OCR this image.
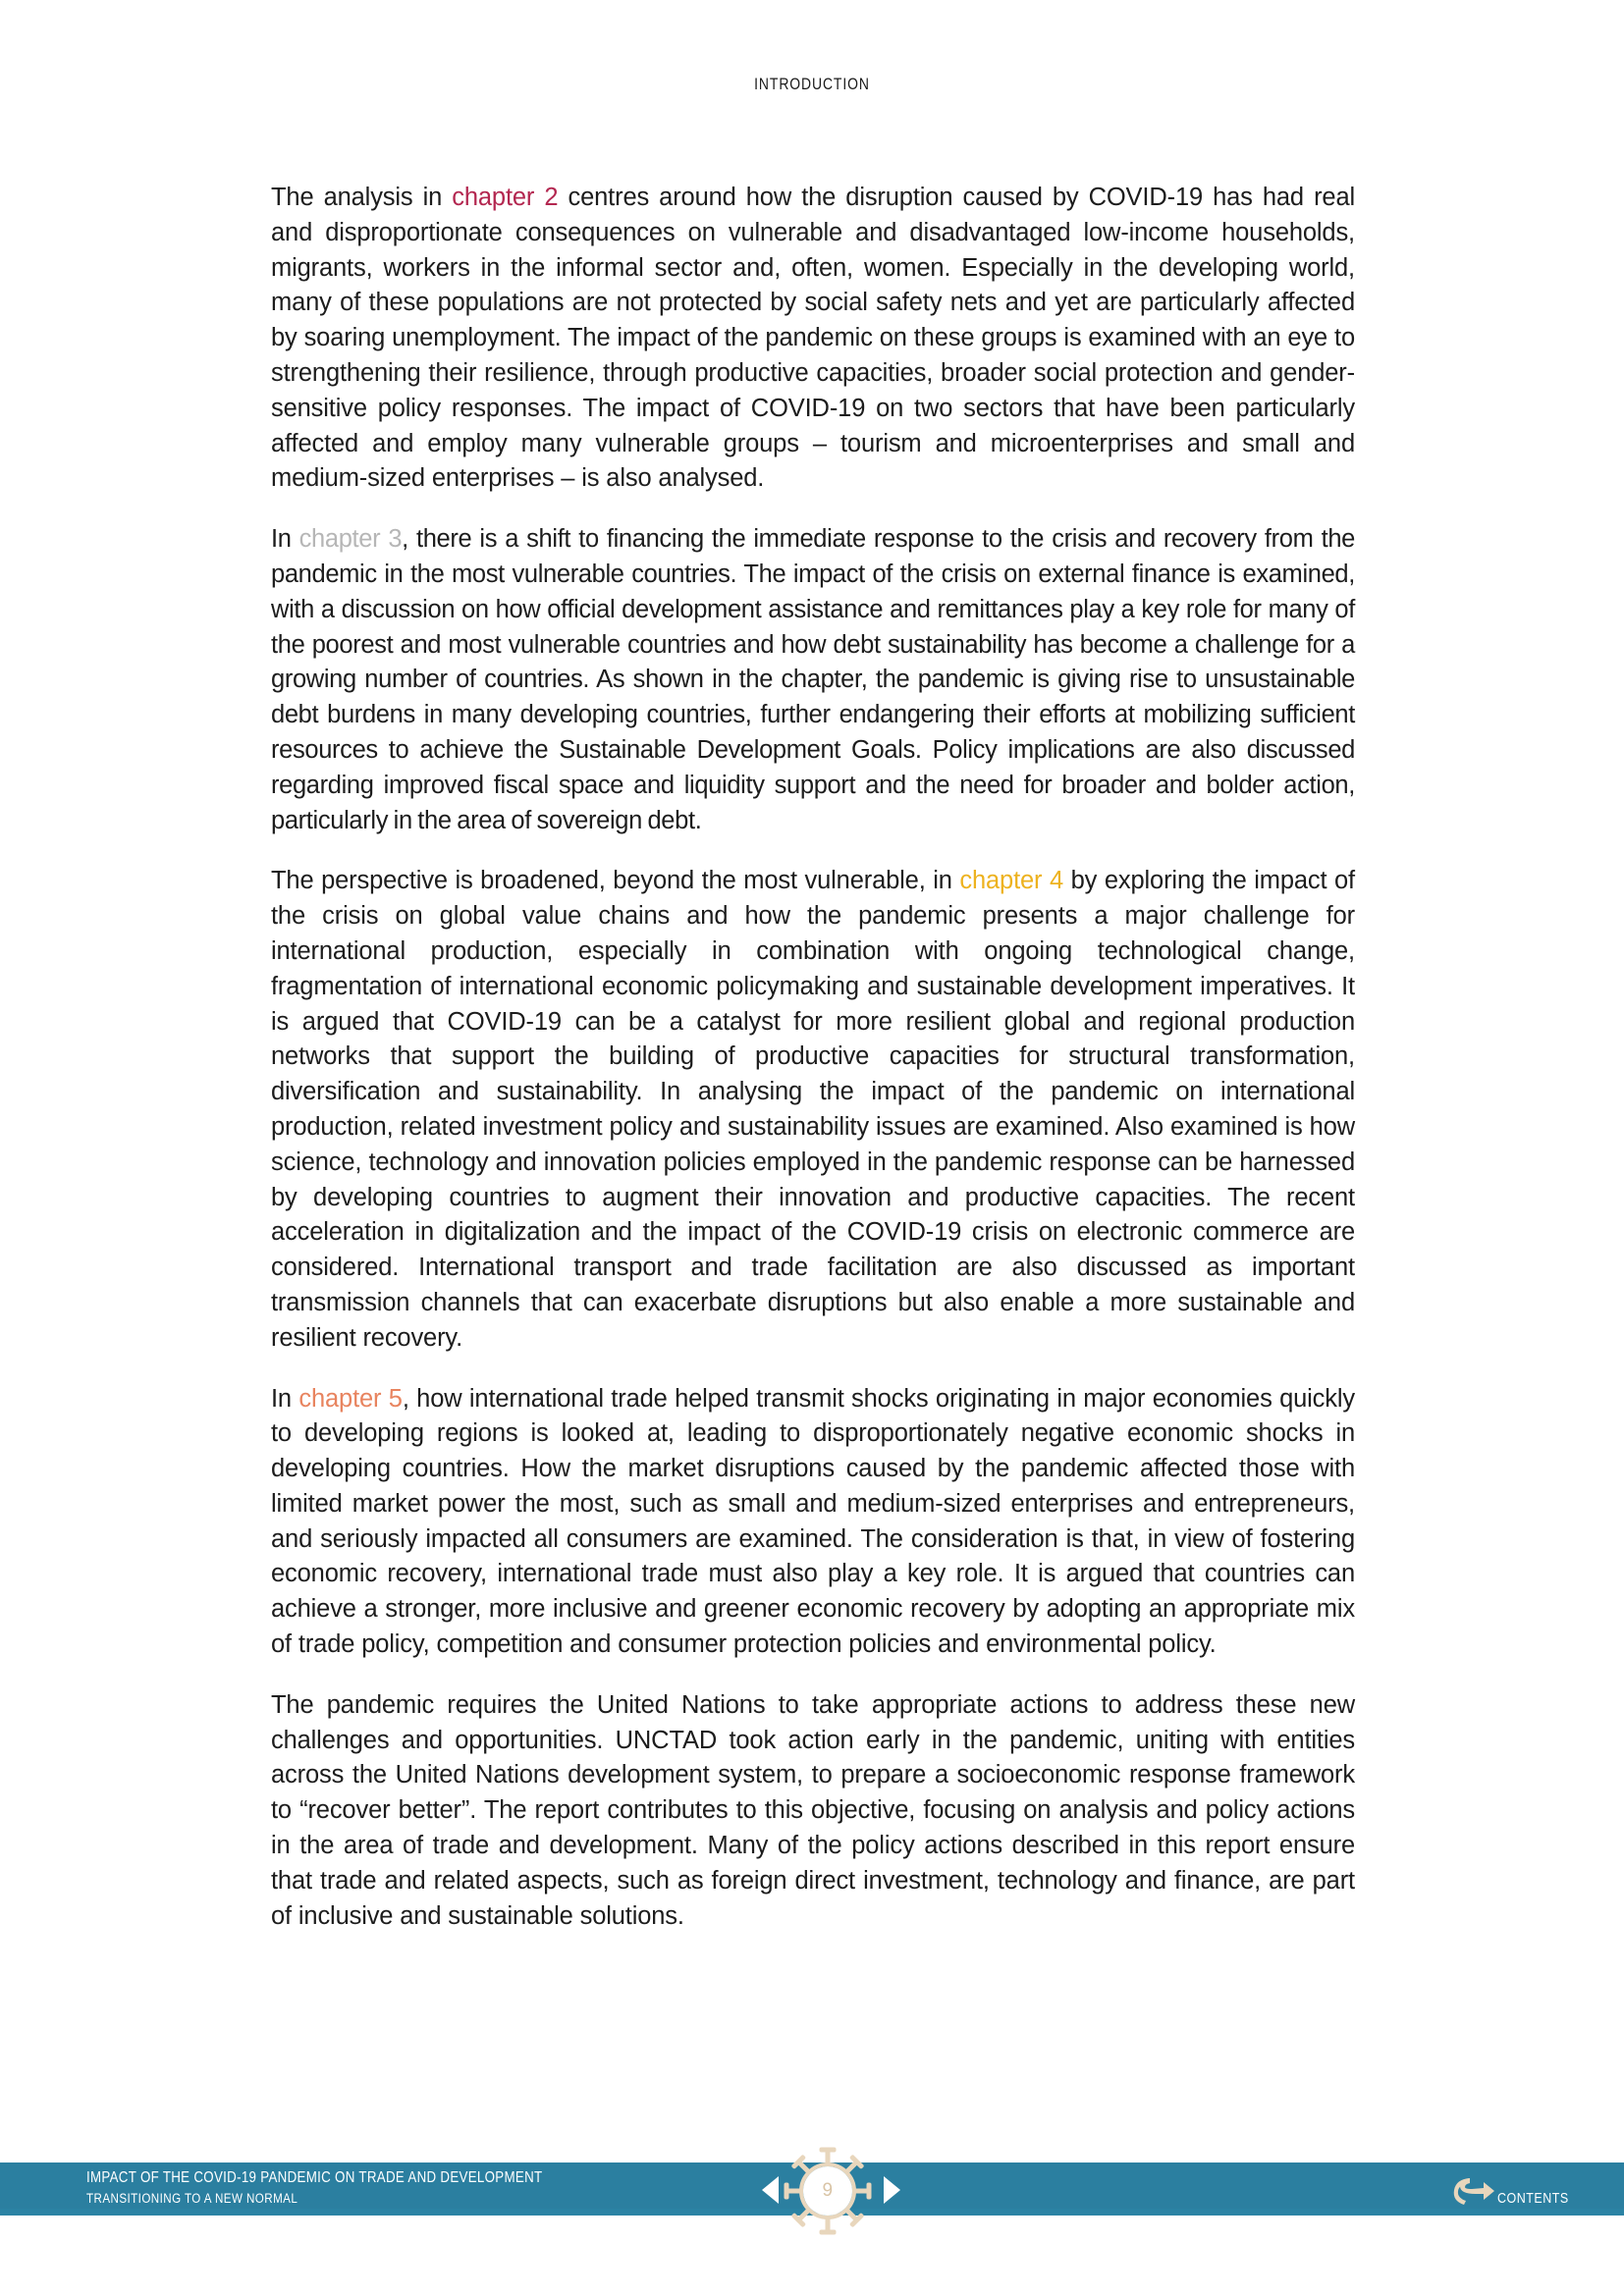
INTRODUCTION

The analysis in chapter 2 centres around how the disruption caused by COVID-19 has had real and disproportionate consequences on vulnerable and disadvantaged low-income households, migrants, workers in the informal sector and, often, women. Especially in the developing world, many of these populations are not protected by social safety nets and yet are particularly affected by soaring unemployment. The impact of the pandemic on these groups is examined with an eye to strengthening their resilience, through productive capacities, broader social protection and gender-sensitive policy responses. The impact of COVID-19 on two sectors that have been particularly affected and employ many vulnerable groups – tourism and microenterprises and small and medium-sized enterprises – is also analysed.

In chapter 3, there is a shift to financing the immediate response to the crisis and recovery from the pandemic in the most vulnerable countries. The impact of the crisis on external finance is examined, with a discussion on how official development assistance and remittances play a key role for many of the poorest and most vulnerable countries and how debt sustainability has become a challenge for a growing number of countries. As shown in the chapter, the pandemic is giving rise to unsustainable debt burdens in many developing countries, further endangering their efforts at mobilizing sufficient resources to achieve the Sustainable Development Goals. Policy implications are also discussed regarding improved fiscal space and liquidity support and the need for broader and bolder action, particularly in the area of sovereign debt.

The perspective is broadened, beyond the most vulnerable, in chapter 4 by exploring the impact of the crisis on global value chains and how the pandemic presents a major challenge for international production, especially in combination with ongoing technological change, fragmentation of international economic policymaking and sustainable development imperatives. It is argued that COVID-19 can be a catalyst for more resilient global and regional production networks that support the building of productive capacities for structural transformation, diversification and sustainability. In analysing the impact of the pandemic on international production, related investment policy and sustainability issues are examined. Also examined is how science, technology and innovation policies employed in the pandemic response can be harnessed by developing countries to augment their innovation and productive capacities. The recent acceleration in digitalization and the impact of the COVID-19 crisis on electronic commerce are considered. International transport and trade facilitation are also discussed as important transmission channels that can exacerbate disruptions but also enable a more sustainable and resilient recovery.

In chapter 5, how international trade helped transmit shocks originating in major economies quickly to developing regions is looked at, leading to disproportionately negative economic shocks in developing countries. How the market disruptions caused by the pandemic affected those with limited market power the most, such as small and medium-sized enterprises and entrepreneurs, and seriously impacted all consumers are examined. The consideration is that, in view of fostering economic recovery, international trade must also play a key role. It is argued that countries can achieve a stronger, more inclusive and greener economic recovery by adopting an appropriate mix of trade policy, competition and consumer protection policies and environmental policy.

The pandemic requires the United Nations to take appropriate actions to address these new challenges and opportunities. UNCTAD took action early in the pandemic, uniting with entities across the United Nations development system, to prepare a socioeconomic response framework to “recover better”. The report contributes to this objective, focusing on analysis and policy actions in the area of trade and development. Many of the policy actions described in this report ensure that trade and related aspects, such as foreign direct investment, technology and finance, are part of inclusive and sustainable solutions.

IMPACT OF THE COVID-19 PANDEMIC ON TRADE AND DEVELOPMENT
TRANSITIONING TO A NEW NORMAL	9	CONTENTS
